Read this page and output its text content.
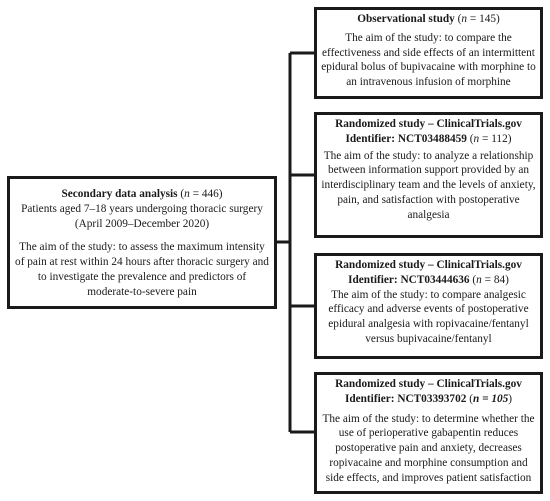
Secondary data analysis (n = 446)

Patients aged 7–18 years undergoing thoracic surgery

(April 2009–December 2020)

The aim of the study: to assess the maximum intensity of pain at rest within 24 hours after thoracic surgery and to investigate the prevalence and predictors of moderate-to-severe pain

Observational study (n = 145)

The aim of the study: to compare the effectiveness and side effects of an intermittent epidural bolus of bupivacaine with morphine to an intravenous infusion of morphine

Randomized study – ClinicalTrials.gov

Identifier: NCT03488459 (n = 112)

The aim of the study: to analyze a relationship between information support provided by an interdisciplinary team and the levels of anxiety, pain, and satisfaction with postoperative analgesia

Randomized study – ClinicalTrials.gov

Identifier: NCT03444636 (n = 84)

The aim of the study: to compare analgesic efficacy and adverse events of postoperative epidural analgesia with ropivacaine/fentanyl versus bupivacaine/fentanyl

Randomized study – ClinicalTrials.gov

Identifier: NCT03393702 (n = 105)

The aim of the study: to determine whether the use of perioperative gabapentin reduces postoperative pain and anxiety, decreases ropivacaine and morphine consumption and side effects, and improves patient satisfaction
